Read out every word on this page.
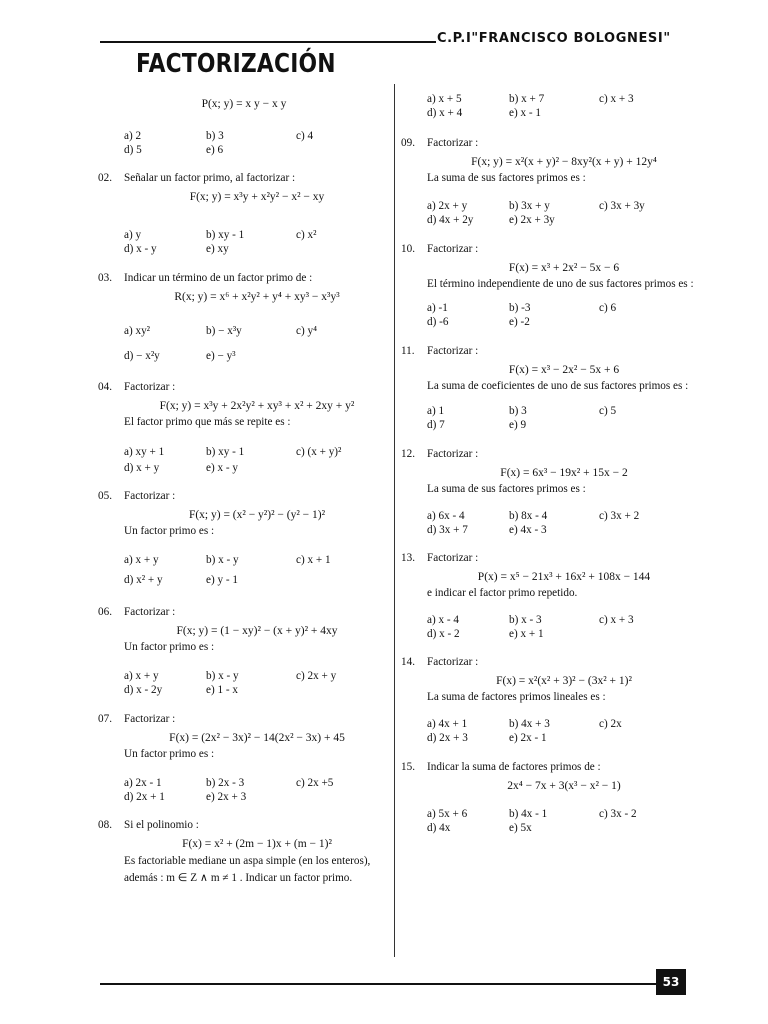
C.P.I"FRANCISCO BOLOGNESI"
FACTORIZACIÓN
P(x; y) = x y − x y
a) 2	b) 3	c) 4
d) 5	e) 6
02.	Señalar un factor primo, al factorizar :
F(x; y) = x³y + x²y² − x² − xy
a) y	b) xy - 1	c) x²
d) x - y	e) xy
03.	Indicar un término de un factor primo de :
R(x; y) = x⁶ + x²y² + y⁴ + xy³ − x³y³
a) xy²	b) − x³y	c) y⁴
d) − x²y	e) − y³
04.	Factorizar :
F(x; y) = x³y + 2x²y² + xy³ + x² + 2xy + y²
El factor primo que más se repite es :
a) xy + 1	b) xy - 1	c) (x + y)²
d) x + y	e) x - y
05.	Factorizar :
F(x; y) = (x² − y²)² − (y² − 1)²
Un factor primo es :
a) x + y	b) x - y	c) x + 1
d) x² + y	e) y - 1
06.	Factorizar :
F(x; y) = (1 − xy)² − (x + y)² + 4xy
Un factor primo es :
a) x + y	b) x - y	c) 2x + y
d) x - 2y	e) 1 - x
07.	Factorizar :
F(x) = (2x² − 3x)² − 14(2x² − 3x) + 45
Un factor primo es :
a) 2x - 1	b) 2x - 3	c) 2x +5
d) 2x + 1	e) 2x + 3
08.	Si el polinomio :
F(x) = x² + (2m − 1)x + (m − 1)²
Es factoriable mediane un aspa simple (en los enteros), además : m ∈ Z ∧ m ≠ 1 . Indicar un factor primo.
a) x + 5	b) x + 7	c) x + 3
d) x + 4	e) x - 1
09.	Factorizar :
F(x; y) = x²(x + y)² − 8xy²(x + y) + 12y⁴
La suma de sus factores primos es :
a) 2x + y	b) 3x + y	c) 3x + 3y
d) 4x + 2y	e) 2x + 3y
10.	Factorizar :
F(x) = x³ + 2x² − 5x − 6
El término independiente de uno de sus factores primos es :
a) -1	b) -3	c) 6
d) -6	e) -2
11.	Factorizar :
F(x) = x³ − 2x² − 5x + 6
La suma de coeficientes de uno de sus factores primos es :
a) 1	b) 3	c) 5
d) 7	e) 9
12.	Factorizar :
F(x) = 6x³ − 19x² + 15x − 2
La suma de sus factores primos es :
a) 6x - 4	b) 8x - 4	c) 3x + 2
d) 3x + 7	e) 4x - 3
13.	Factorizar :
P(x) = x⁵ − 21x³ + 16x² + 108x − 144
e indicar el factor primo repetido.
a) x - 4	b) x - 3	c) x + 3
d) x - 2	e) x + 1
14.	Factorizar :
F(x) = x²(x² + 3)² − (3x² + 1)²
La suma de factores primos lineales es :
a) 4x + 1	b) 4x + 3	c) 2x
d) 2x + 3	e) 2x - 1
15.	Indicar la suma de factores primos de :
2x⁴ − 7x + 3(x³ − x² − 1)
a) 5x + 6	b) 4x - 1	c) 3x - 2
d) 4x	e) 5x
53
